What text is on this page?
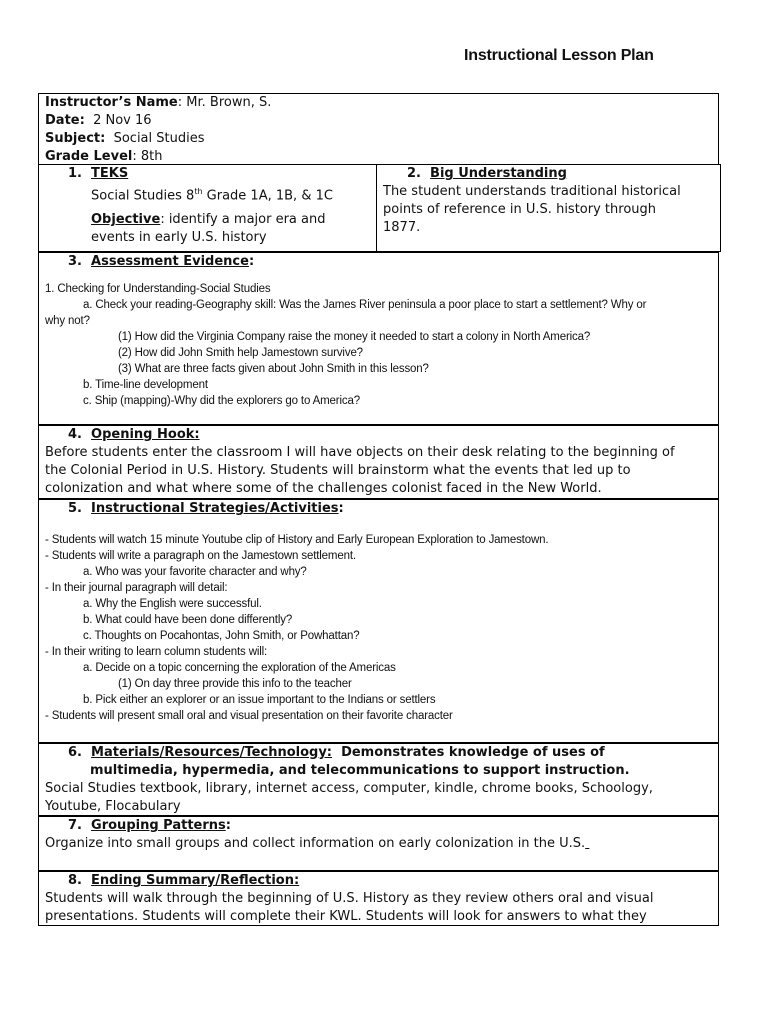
Instructional Lesson Plan
Instructor’s Name: Mr. Brown, S.
Date: 2 Nov 16
Subject: Social Studies
Grade Level: 8th
1. TEKS
Social Studies 8th Grade 1A, 1B, & 1C
Objective: identify a major era and
events in early U.S. history
2. Big Understanding
The student understands traditional historical
points of reference in U.S. history through
1877.
3. Assessment Evidence:
1. Checking for Understanding-Social Studies
a. Check your reading-Geography skill: Was the James River peninsula a poor place to start a settlement? Why or
why not?
(1) How did the Virginia Company raise the money it needed to start a colony in North America?
(2) How did John Smith help Jamestown survive?
(3) What are three facts given about John Smith in this lesson?
b. Time-line development
c. Ship (mapping)-Why did the explorers go to America?
4. Opening Hook:
Before students enter the classroom I will have objects on their desk relating to the beginning of
the Colonial Period in U.S. History. Students will brainstorm what the events that led up to
colonization and what where some of the challenges colonist faced in the New World.
5. Instructional Strategies/Activities:
- Students will watch 15 minute Youtube clip of History and Early European Exploration to Jamestown.
- Students will write a paragraph on the Jamestown settlement.
a. Who was your favorite character and why?
- In their journal paragraph will detail:
a. Why the English were successful.
b. What could have been done differently?
c. Thoughts on Pocahontas, John Smith, or Powhattan?
- In their writing to learn column students will:
a. Decide on a topic concerning the exploration of the Americas
(1) On day three provide this info to the teacher
b. Pick either an explorer or an issue important to the Indians or settlers
- Students will present small oral and visual presentation on their favorite character
6. Materials/Resources/Technology: Demonstrates knowledge of uses of
multimedia, hypermedia, and telecommunications to support instruction.
Social Studies textbook, library, internet access, computer, kindle, chrome books, Schoology,
Youtube, Flocabulary
7. Grouping Patterns:
Organize into small groups and collect information on early colonization in the U.S.
8. Ending Summary/Reflection:
Students will walk through the beginning of U.S. History as they review others oral and visual
presentations. Students will complete their KWL. Students will look for answers to what they
